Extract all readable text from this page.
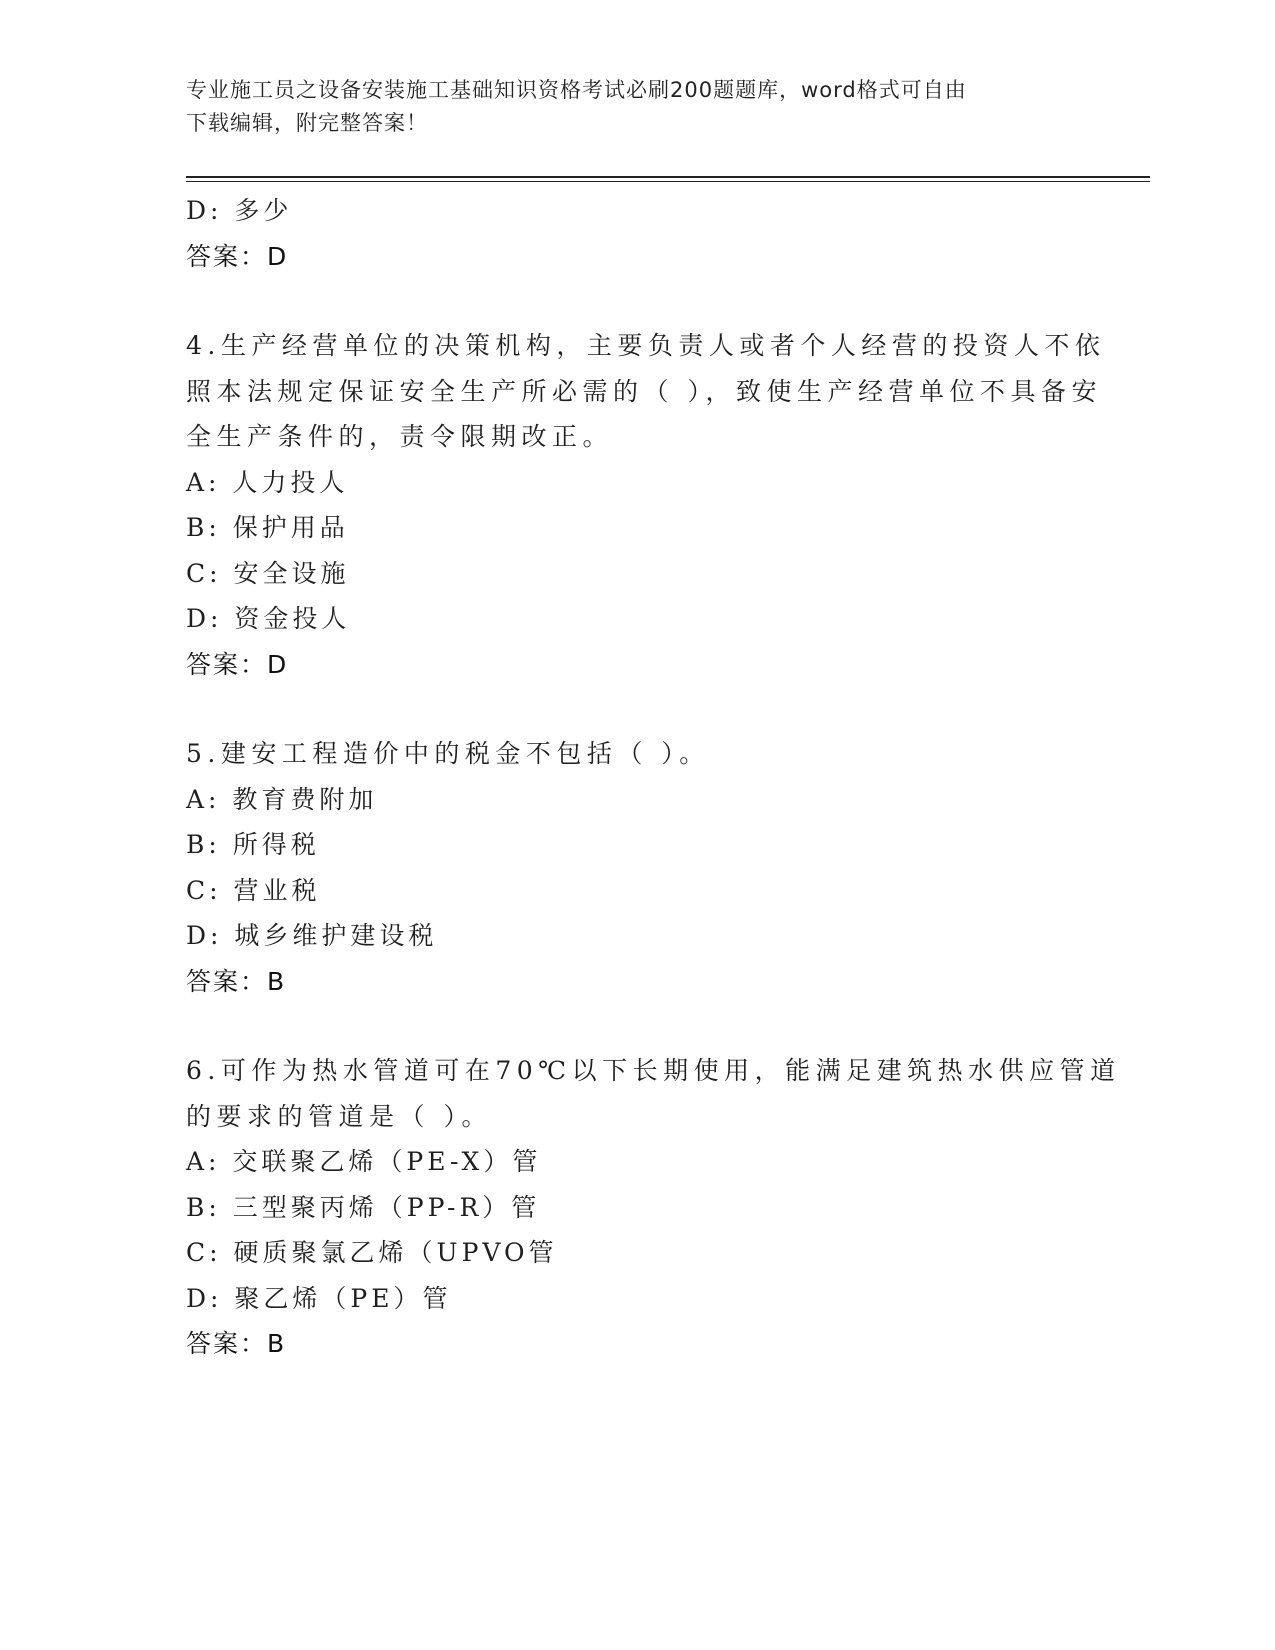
专业施工员之设备安装施工基础知识资格考试必刷200题题库，word格式可自由
下载编辑，附完整答案！
D: 多少
答案：D
4.生产经营单位的决策机构，主要负责人或者个人经营的投资人不依
照本法规定保证安全生产所必需的（ ），致使生产经营单位不具备安
全生产条件的，责令限期改正。
A: 人力投人
B: 保护用品
C: 安全设施
D: 资金投人
答案：D
5.建安工程造价中的税金不包括（ ）。
A: 教育费附加
B: 所得税
C: 营业税
D: 城乡维护建设税
答案：B
6.可作为热水管道可在70℃以下长期使用，能满足建筑热水供应管道
的要求的管道是（ ）。
A: 交联聚乙烯（PE-X）管
B: 三型聚丙烯（PP-R）管
C: 硬质聚氯乙烯（UPVO管
D: 聚乙烯（PE）管
答案：B
